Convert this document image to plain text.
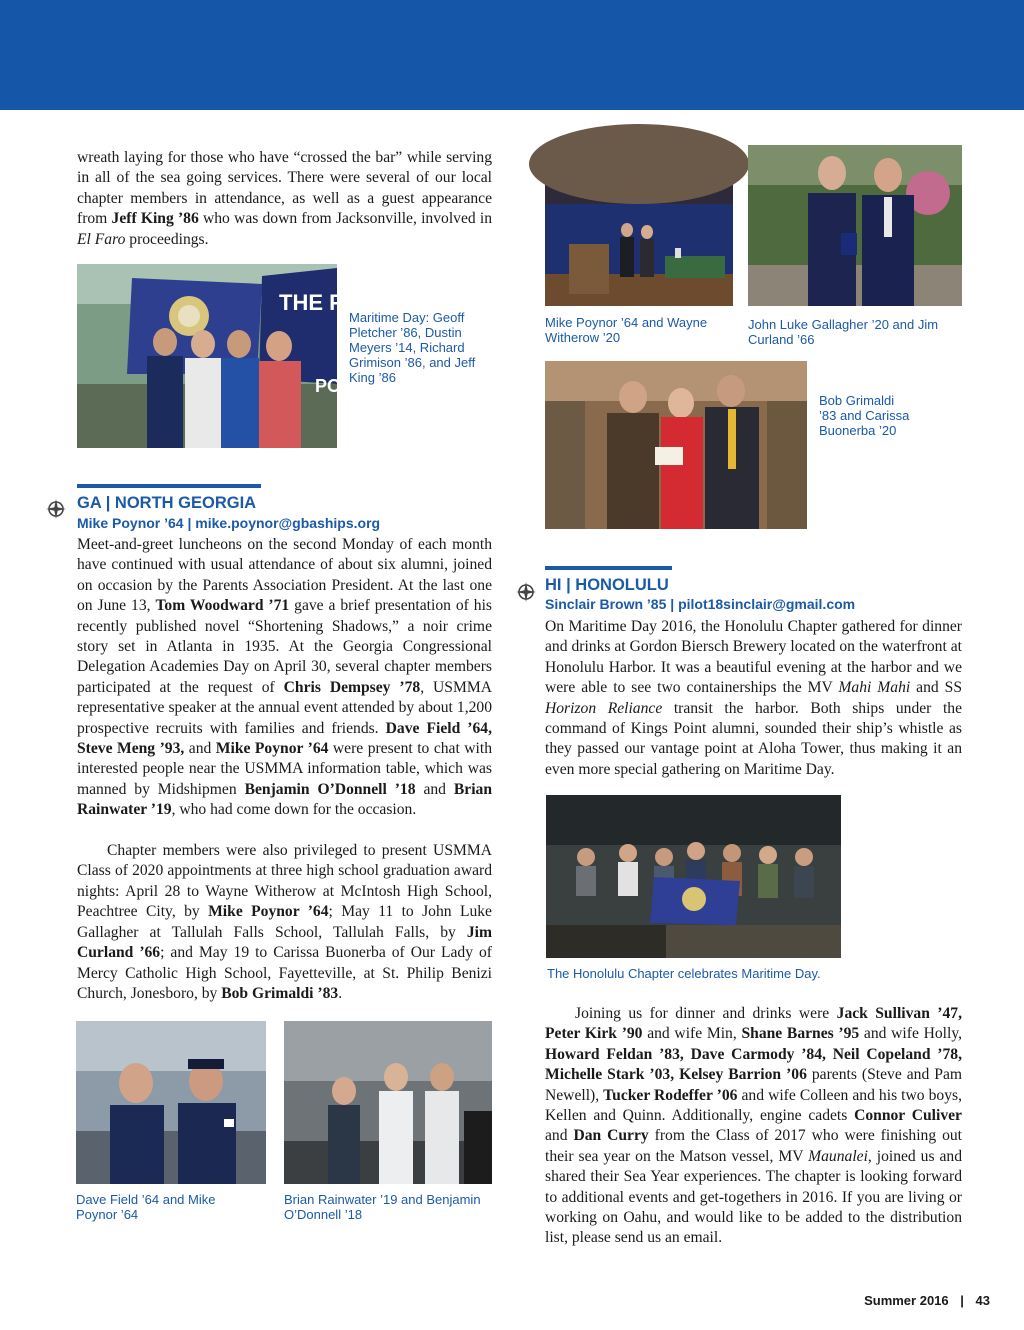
wreath laying for those who have “crossed the bar” while serving in all of the sea going services. There were several of our local chapter members in attendance, as well as a guest appearance from Jeff King ’86 who was down from Jacksonville, involved in El Faro proceedings.

THE PR
PO

Maritime Day: Geoff Pletcher ’86, Dustin Meyers ’14, Richard Grimison ’86, and Jeff King ’86

GA | NORTH GEORGIA

Mike Poynor ’64 | mike.poynor@gbaships.org

Meet-and-greet luncheons on the second Monday of each month have continued with usual attendance of about six alumni, joined on occasion by the Parents Association President. At the last one on June 13, Tom Woodward ’71 gave a brief presentation of his recently published novel “Shortening Shadows,” a noir crime story set in Atlanta in 1935. At the Georgia Congressional Delegation Academies Day on April 30, several chapter members participated at the request of Chris Dempsey ’78, USMMA representative speaker at the annual event attended by about 1,200 prospective recruits with families and friends. Dave Field ’64, Steve Meng ’93, and Mike Poynor ’64 were present to chat with interested people near the USMMA information table, which was manned by Midshipmen Benjamin O’Donnell ’18 and Brian Rainwater ’19, who had come down for the occasion.

Chapter members were also privileged to present USMMA Class of 2020 appointments at three high school graduation award nights: April 28 to Wayne Witherow at McIntosh High School, Peachtree City, by Mike Poynor ’64; May 11 to John Luke Gallagher at Tallulah Falls School, Tallulah Falls, by Jim Curland ’66; and May 19 to Carissa Buonerba of Our Lady of Mercy Catholic High School, Fayetteville, at St. Philip Benizi Church, Jonesboro, by Bob Grimaldi ’83.

Dave Field ’64 and Mike Poynor ’64

Brian Rainwater ’19 and Benjamin O’Donnell ’18

Mike Poynor ’64 and Wayne Witherow ’20

John Luke Gallagher ’20 and Jim Curland ’66

Bob Grimaldi ’83 and Carissa Buonerba ’20

HI | HONOLULU

Sinclair Brown ’85 | pilot18sinclair@gmail.com

On Maritime Day 2016, the Honolulu Chapter gathered for dinner and drinks at Gordon Biersch Brewery located on the waterfront at Honolulu Harbor. It was a beautiful evening at the harbor and we were able to see two containerships the MV Mahi Mahi and SS Horizon Reliance transit the harbor. Both ships under the command of Kings Point alumni, sounded their ship’s whistle as they passed our vantage point at Aloha Tower, thus making it an even more special gathering on Maritime Day.

The Honolulu Chapter celebrates Maritime Day.

Joining us for dinner and drinks were Jack Sullivan ’47, Peter Kirk ’90 and wife Min, Shane Barnes ’95 and wife Holly, Howard Feldan ’83, Dave Carmody ’84, Neil Copeland ’78, Michelle Stark ’03, Kelsey Barrion ’06 parents (Steve and Pam Newell), Tucker Rodeffer ’06 and wife Colleen and his two boys, Kellen and Quinn. Additionally, engine cadets Connor Culiver and Dan Curry from the Class of 2017 who were finishing out their sea year on the Matson vessel, MV Maunalei, joined us and shared their Sea Year experiences. The chapter is looking forward to additional events and get-togethers in 2016. If you are living or working on Oahu, and would like to be added to the distribution list, please send us an email.

Summer 2016 | 43
